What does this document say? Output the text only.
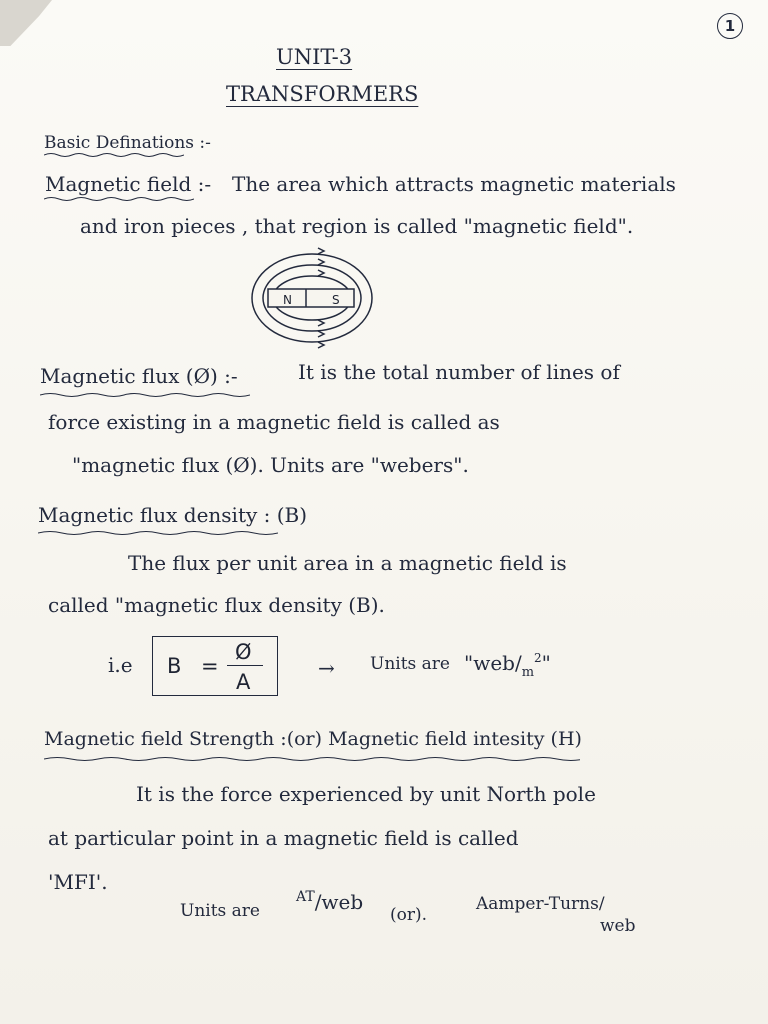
1
UNIT-3
TRANSFORMERS
Basic Definations :-
Magnetic field :- The area which attracts magnetic materials
and iron pieces , that region is called "magnetic field".
N	S
Magnetic flux (Ø) :-	It is the total number of lines of
force existing in a magnetic field is called as
"magnetic flux (Ø). Units are "webers".
Magnetic flux density : (B)
The flux per unit area in a magnetic field is
called "magnetic flux density (B).
i.e B =
Ø
A
→ Units are "$web/_m^2$"
Magnetic field Strength :(or) Magnetic field intesity (H)
It is the force experienced by unit North pole
at particular point in a magnetic field is called
'MFI'.
Units are
$^{AT}$/web
(or).
Aamper-Turns/
web
